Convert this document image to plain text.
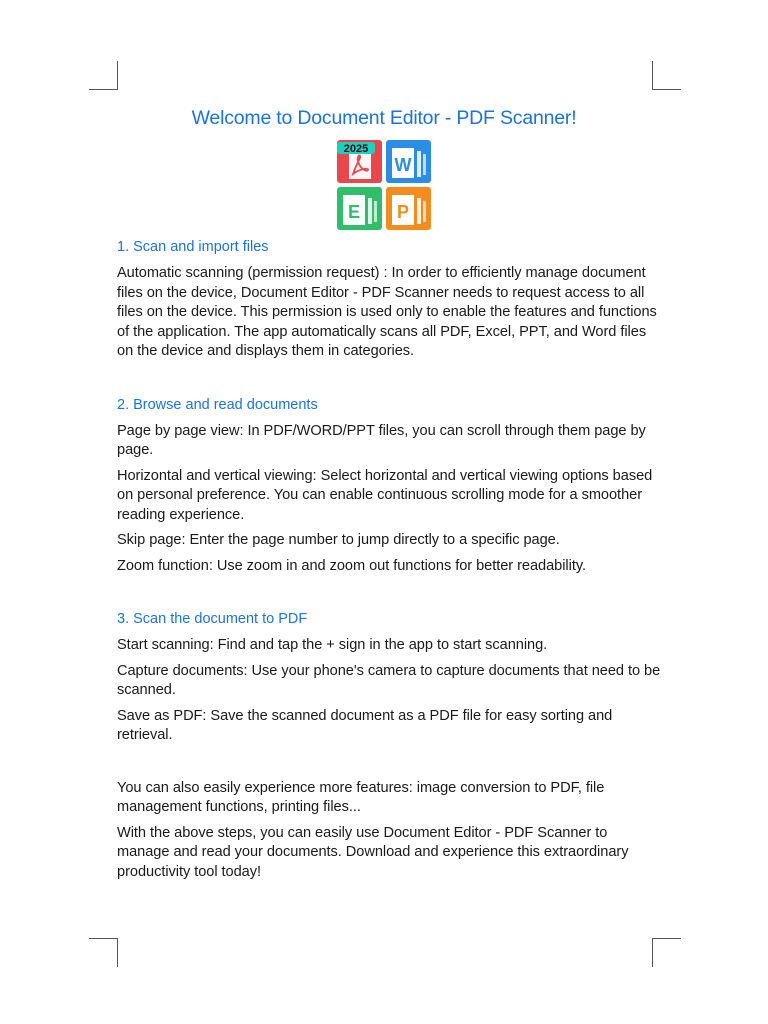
Welcome to Document Editor - PDF Scanner!
2025
W
E P

1. Scan and import files

Automatic scanning (permission request) : In order to efficiently manage document files on the device, Document Editor - PDF Scanner needs to request access to all files on the device. This permission is used only to enable the features and functions of the application. The app automatically scans all PDF, Excel, PPT, and Word files on the device and displays them in categories.

2. Browse and read documents

Page by page view: In PDF/WORD/PPT files, you can scroll through them page by page.

Horizontal and vertical viewing: Select horizontal and vertical viewing options based on personal preference. You can enable continuous scrolling mode for a smoother reading experience.

Skip page: Enter the page number to jump directly to a specific page.

Zoom function: Use zoom in and zoom out functions for better readability.

3. Scan the document to PDF

Start scanning: Find and tap the + sign in the app to start scanning.

Capture documents: Use your phone's camera to capture documents that need to be scanned.

Save as PDF: Save the scanned document as a PDF file for easy sorting and retrieval.

You can also easily experience more features: image conversion to PDF, file management functions, printing files...

With the above steps, you can easily use Document Editor - PDF Scanner to manage and read your documents. Download and experience this extraordinary productivity tool today!
